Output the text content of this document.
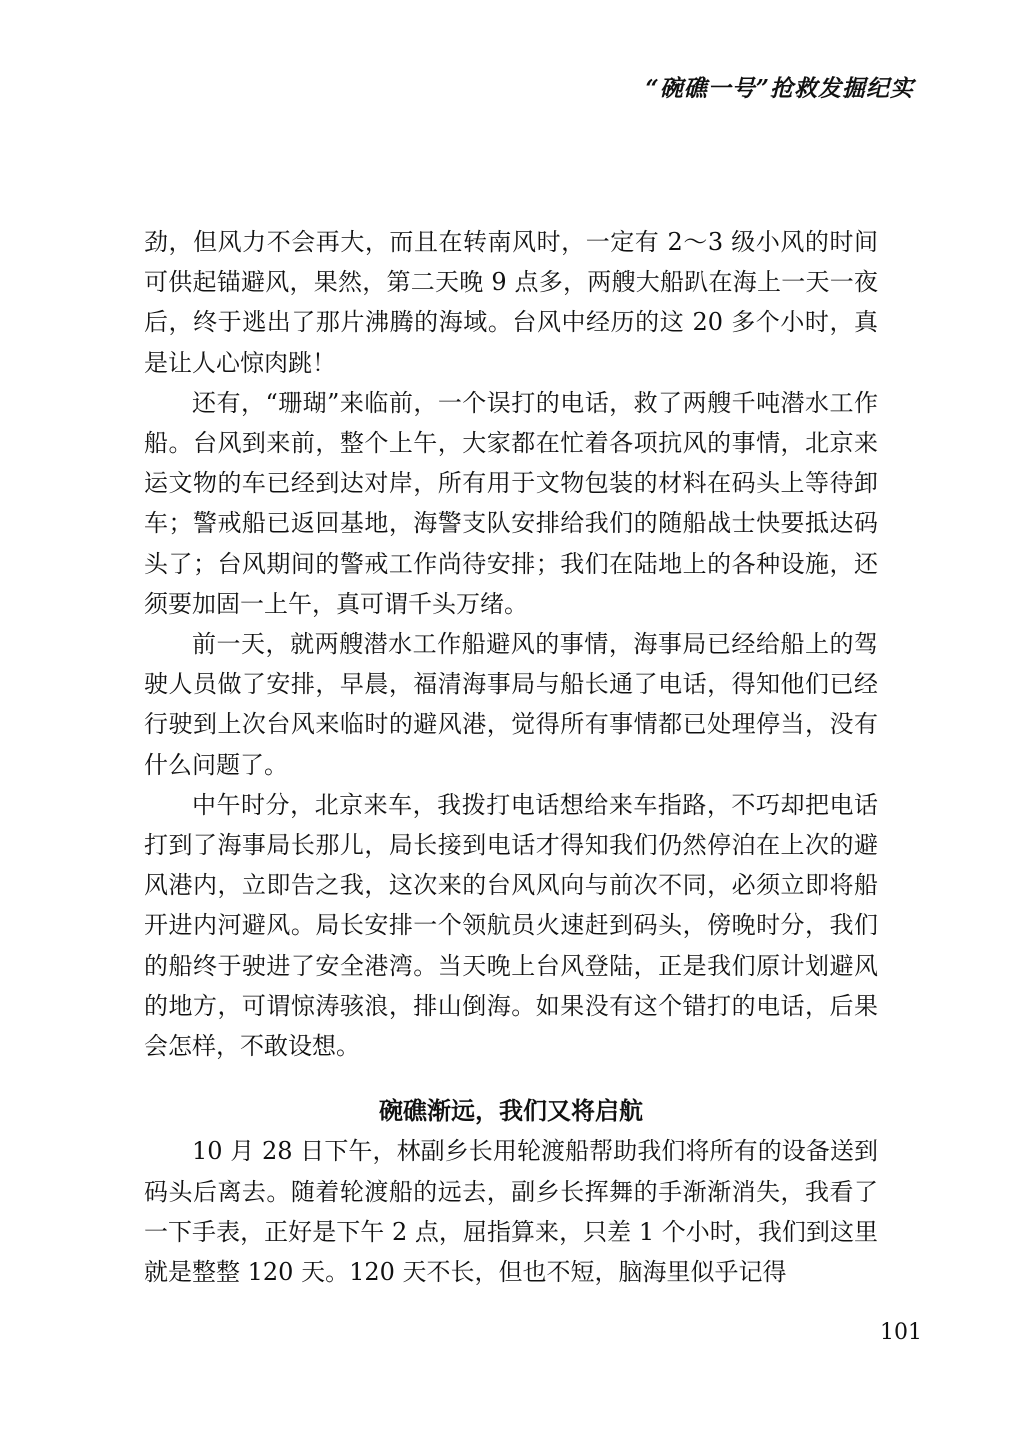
“碗礁一号”抢救发掘纪实

劲，但风力不会再大，而且在转南风时，一定有 2～3 级小风的时间可供起锚避风，果然，第二天晚 9 点多，两艘大船趴在海上一天一夜后，终于逃出了那片沸腾的海域。台风中经历的这 20 多个小时，真是让人心惊肉跳！

还有，“珊瑚”来临前，一个误打的电话，救了两艘千吨潜水工作船。台风到来前，整个上午，大家都在忙着各项抗风的事情，北京来运文物的车已经到达对岸，所有用于文物包装的材料在码头上等待卸车；警戒船已返回基地，海警支队安排给我们的随船战士快要抵达码头了；台风期间的警戒工作尚待安排；我们在陆地上的各种设施，还须要加固一上午，真可谓千头万绪。

前一天，就两艘潜水工作船避风的事情，海事局已经给船上的驾驶人员做了安排，早晨，福清海事局与船长通了电话，得知他们已经行驶到上次台风来临时的避风港，觉得所有事情都已处理停当，没有什么问题了。

中午时分，北京来车，我拨打电话想给来车指路，不巧却把电话打到了海事局长那儿，局长接到电话才得知我们仍然停泊在上次的避风港内，立即告之我，这次来的台风风向与前次不同，必须立即将船开进内河避风。局长安排一个领航员火速赶到码头，傍晚时分，我们的船终于驶进了安全港湾。当天晚上台风登陆，正是我们原计划避风的地方，可谓惊涛骇浪，排山倒海。如果没有这个错打的电话，后果会怎样，不敢设想。

碗礁渐远，我们又将启航

10 月 28 日下午，林副乡长用轮渡船帮助我们将所有的设备送到码头后离去。随着轮渡船的远去，副乡长挥舞的手渐渐消失，我看了一下手表，正好是下午 2 点，屈指算来，只差 1 个小时，我们到这里就是整整 120 天。120 天不长，但也不短，脑海里似乎记得

101
